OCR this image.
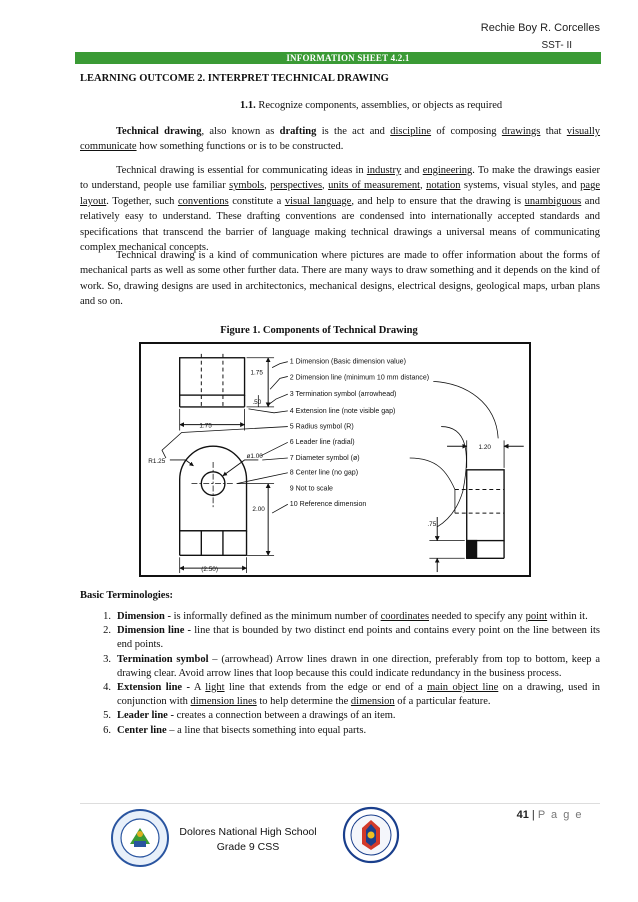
Rechie Boy R. Corcelles
SST- II
INFORMATION SHEET 4.2.1
LEARNING OUTCOME 2. INTERPRET TECHNICAL DRAWING
1.1. Recognize components, assemblies, or objects as required
Technical drawing, also known as drafting is the act and discipline of composing drawings that visually communicate how something functions or is to be constructed.
Technical drawing is essential for communicating ideas in industry and engineering. To make the drawings easier to understand, people use familiar symbols, perspectives, units of measurement, notation systems, visual styles, and page layout. Together, such conventions constitute a visual language, and help to ensure that the drawing is unambiguous and relatively easy to understand. These drafting conventions are condensed into internationally accepted standards and specifications that transcend the barrier of language making technical drawings a universal means of communicating complex mechanical concepts.
Technical drawing is a kind of communication where pictures are made to offer information about the forms of mechanical parts as well as some other further data. There are many ways to draw something and it depends on the kind of work. So, drawing designs are used in architectonics, mechanical designs, electrical designs, geological maps, urban plans and so on.
Figure 1. Components of Technical Drawing
1 Dimension (Basic dimension value)
2 Dimension line (minimum 10 mm distance)
3 Termination symbol (arrowhead)
4 Extension line (note visible gap)
5 Radius symbol (R)
6 Leader line (radial)
7 Diameter symbol (ø)
8 Center line (no gap)
9 Not to scale
10 Reference dimension
1.75
.50
1.75
R1.25
ø1.00
2.00
(2.50)
1.20
.75
Basic Terminologies:
1. Dimension - is informally defined as the minimum number of coordinates needed to specify any point within it.
2. Dimension line - line that is bounded by two distinct end points and contains every point on the line between its end points.
3. Termination symbol – (arrowhead) Arrow lines drawn in one direction, preferably from top to bottom, keep a drawing clear. Avoid arrow lines that loop because this could indicate redundancy in the business process.
4. Extension line - A light line that extends from the edge or end of a main object line on a drawing, used in conjunction with dimension lines to help determine the dimension of a particular feature.
5. Leader line - creates a connection between a drawings of an item.
6. Center line – a line that bisects something into equal parts.
41 | P a g e
Dolores National High School
Grade 9 CSS
